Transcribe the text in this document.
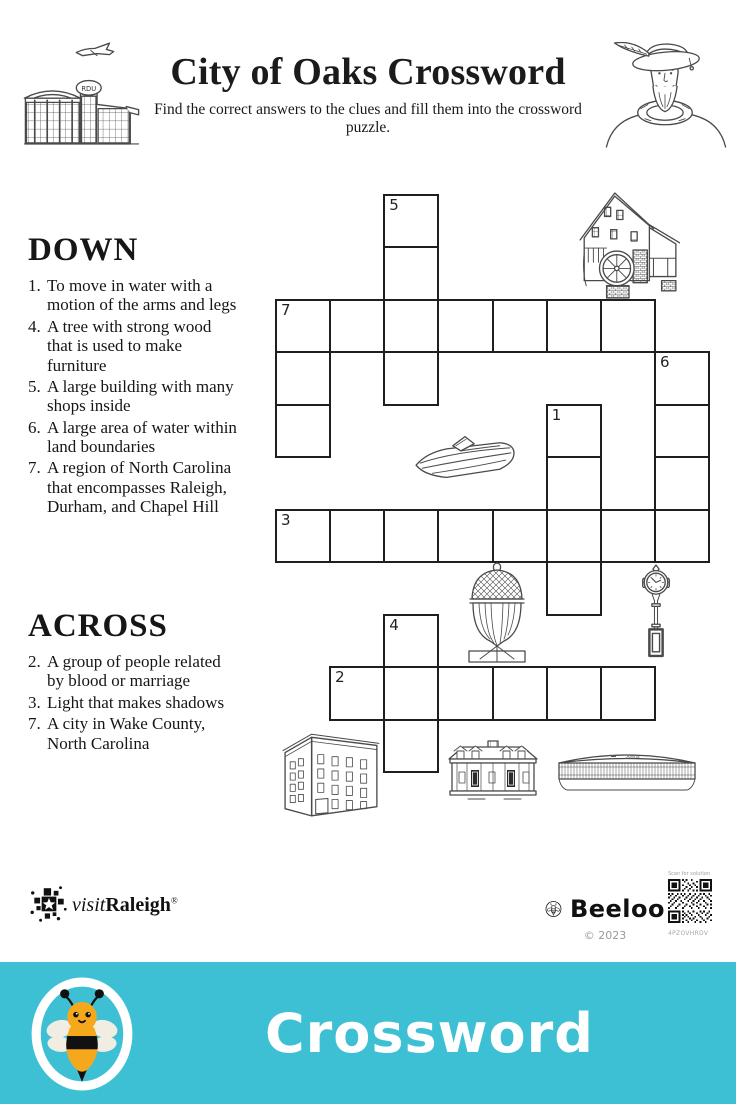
RDU	City of Oaks Crossword
Find the correct answers to the clues and fill them into the crossword puzzle.
DOWN
1. To move in water with a motion of the arms and legs
4. A tree with strong wood that is used to make furniture
5. A large building with many shops inside
6. A large area of water within land boundaries
7. A region of North Carolina that encompasses Raleigh, Durham, and Chapel Hill
ACROSS
2. A group of people related by blood or marriage
3. Light that makes shadows
7. A city in Wake County, North Carolina
5
7
6
1
3
4
2
Arena
visitRaleigh®	Beeloo
© 2023
Scan for solution
4PZOVHRDV
Crossword
